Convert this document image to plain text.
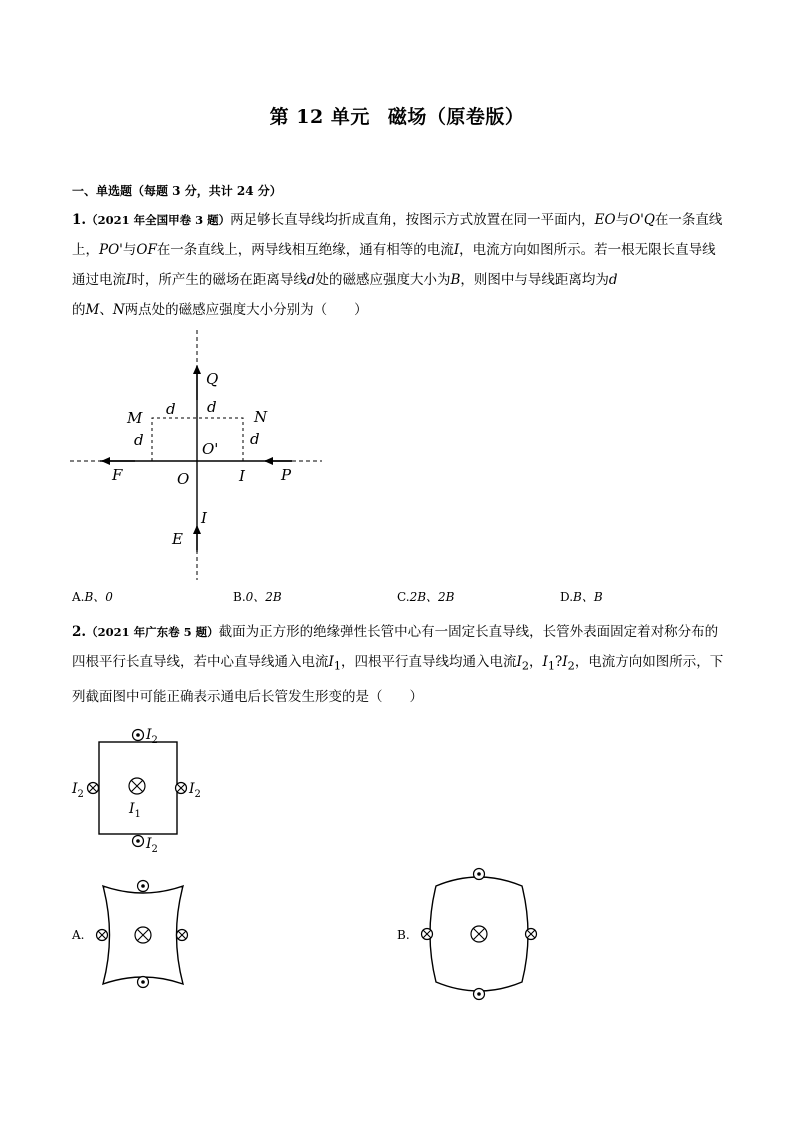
第 12 单元 磁场（原卷版）
一、单选题（每题 3 分，共计 24 分）
1.（2021 年全国甲卷 3 题）两足够长直导线均折成直角，按图示方式放置在同一平面内，EO与O'Q在一条直线上，PO'与OF在一条直线上，两导线相互绝缘，通有相等的电流I，电流方向如图所示。若一根无限长直导线通过电流I时，所产生的磁场在距离导线d处的磁感应强度大小为B，则图中与导线距离均为d
的M、N两点处的磁感应强度大小分别为（　　）
Q
M d d
N
d	O'
d
F	O	I P
I
E
A.B、0	B.0、2B	C.2B、2B	D.B、B
2.（2021 年广东卷 5 题）截面为正方形的绝缘弹性长管中心有一固定长直导线，长管外表面固定着对称分布的四根平行长直导线，若中心直导线通入电流$I_1$，四根平行直导线均通入电流$I_2$，$I_1?I_2$，电流方向如图所示，下列截面图中可能正确表示通电后长管发生形变的是（　　）
$I_2$
$I_2$
$I_2$	$I_2$
$I_1$
A.	B.
